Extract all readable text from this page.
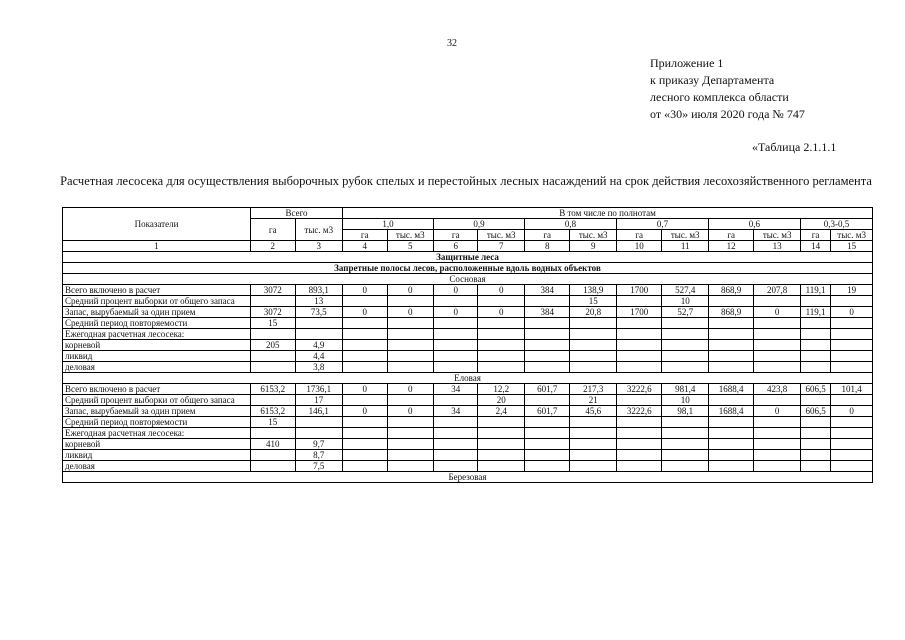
32
Приложение 1
к приказу Департамента
лесного комплекса области
от «30» июля 2020 года № 747
«Таблица 2.1.1.1
Расчетная лесосека для осуществления выборочных рубок спелых и перестойных лесных насаждений на срок действия лесохозяйственного регламента
Показатели	Всего		В том числе по полнотам											
	га	тыс. м3	1,0		0,9		0,8		0,7		0,6		0,3-0,5	
			га	тыс. м3	га	тыс. м3	га	тыс. м3	га	тыс. м3	га	тыс. м3	га	тыс. м3
1	2	3	4	5	6	7	8	9	10	11	12	13	14	15
Защитные леса														
Запретные полосы лесов, расположенные вдоль водных объектов														
Сосновая														
Всего включено в расчет	3072	893,1	0	0	0	0	384	138,9	1700	527,4	868,9	207,8	119,1	19
Средний процент выборки от общего запаса		13						15		10				
Запас, вырубаемый за один прием	3072	73,5	0	0	0	0	384	20,8	1700	52,7	868,9	0	119,1	0
Средний период повторяемости	15													
Ежегодная расчетная лесосека:														
корневой	205	4,9												
ликвид		4,4												
деловая		3,8												
Еловая														
Всего включено в расчет	6153,2	1736,1	0	0	34	12,2	601,7	217,3	3222,6	981,4	1688,4	423,8	606,5	101,4
Средний процент выборки от общего запаса		17				20		21		10				
Запас, вырубаемый за один прием	6153,2	146,1	0	0	34	2,4	601,7	45,6	3222,6	98,1	1688,4	0	606,5	0
Средний период повторяемости	15													
Ежегодная расчетная лесосека:														
корневой	410	9,7												
ликвид		8,7												
деловая		7,5												
Березовая														
